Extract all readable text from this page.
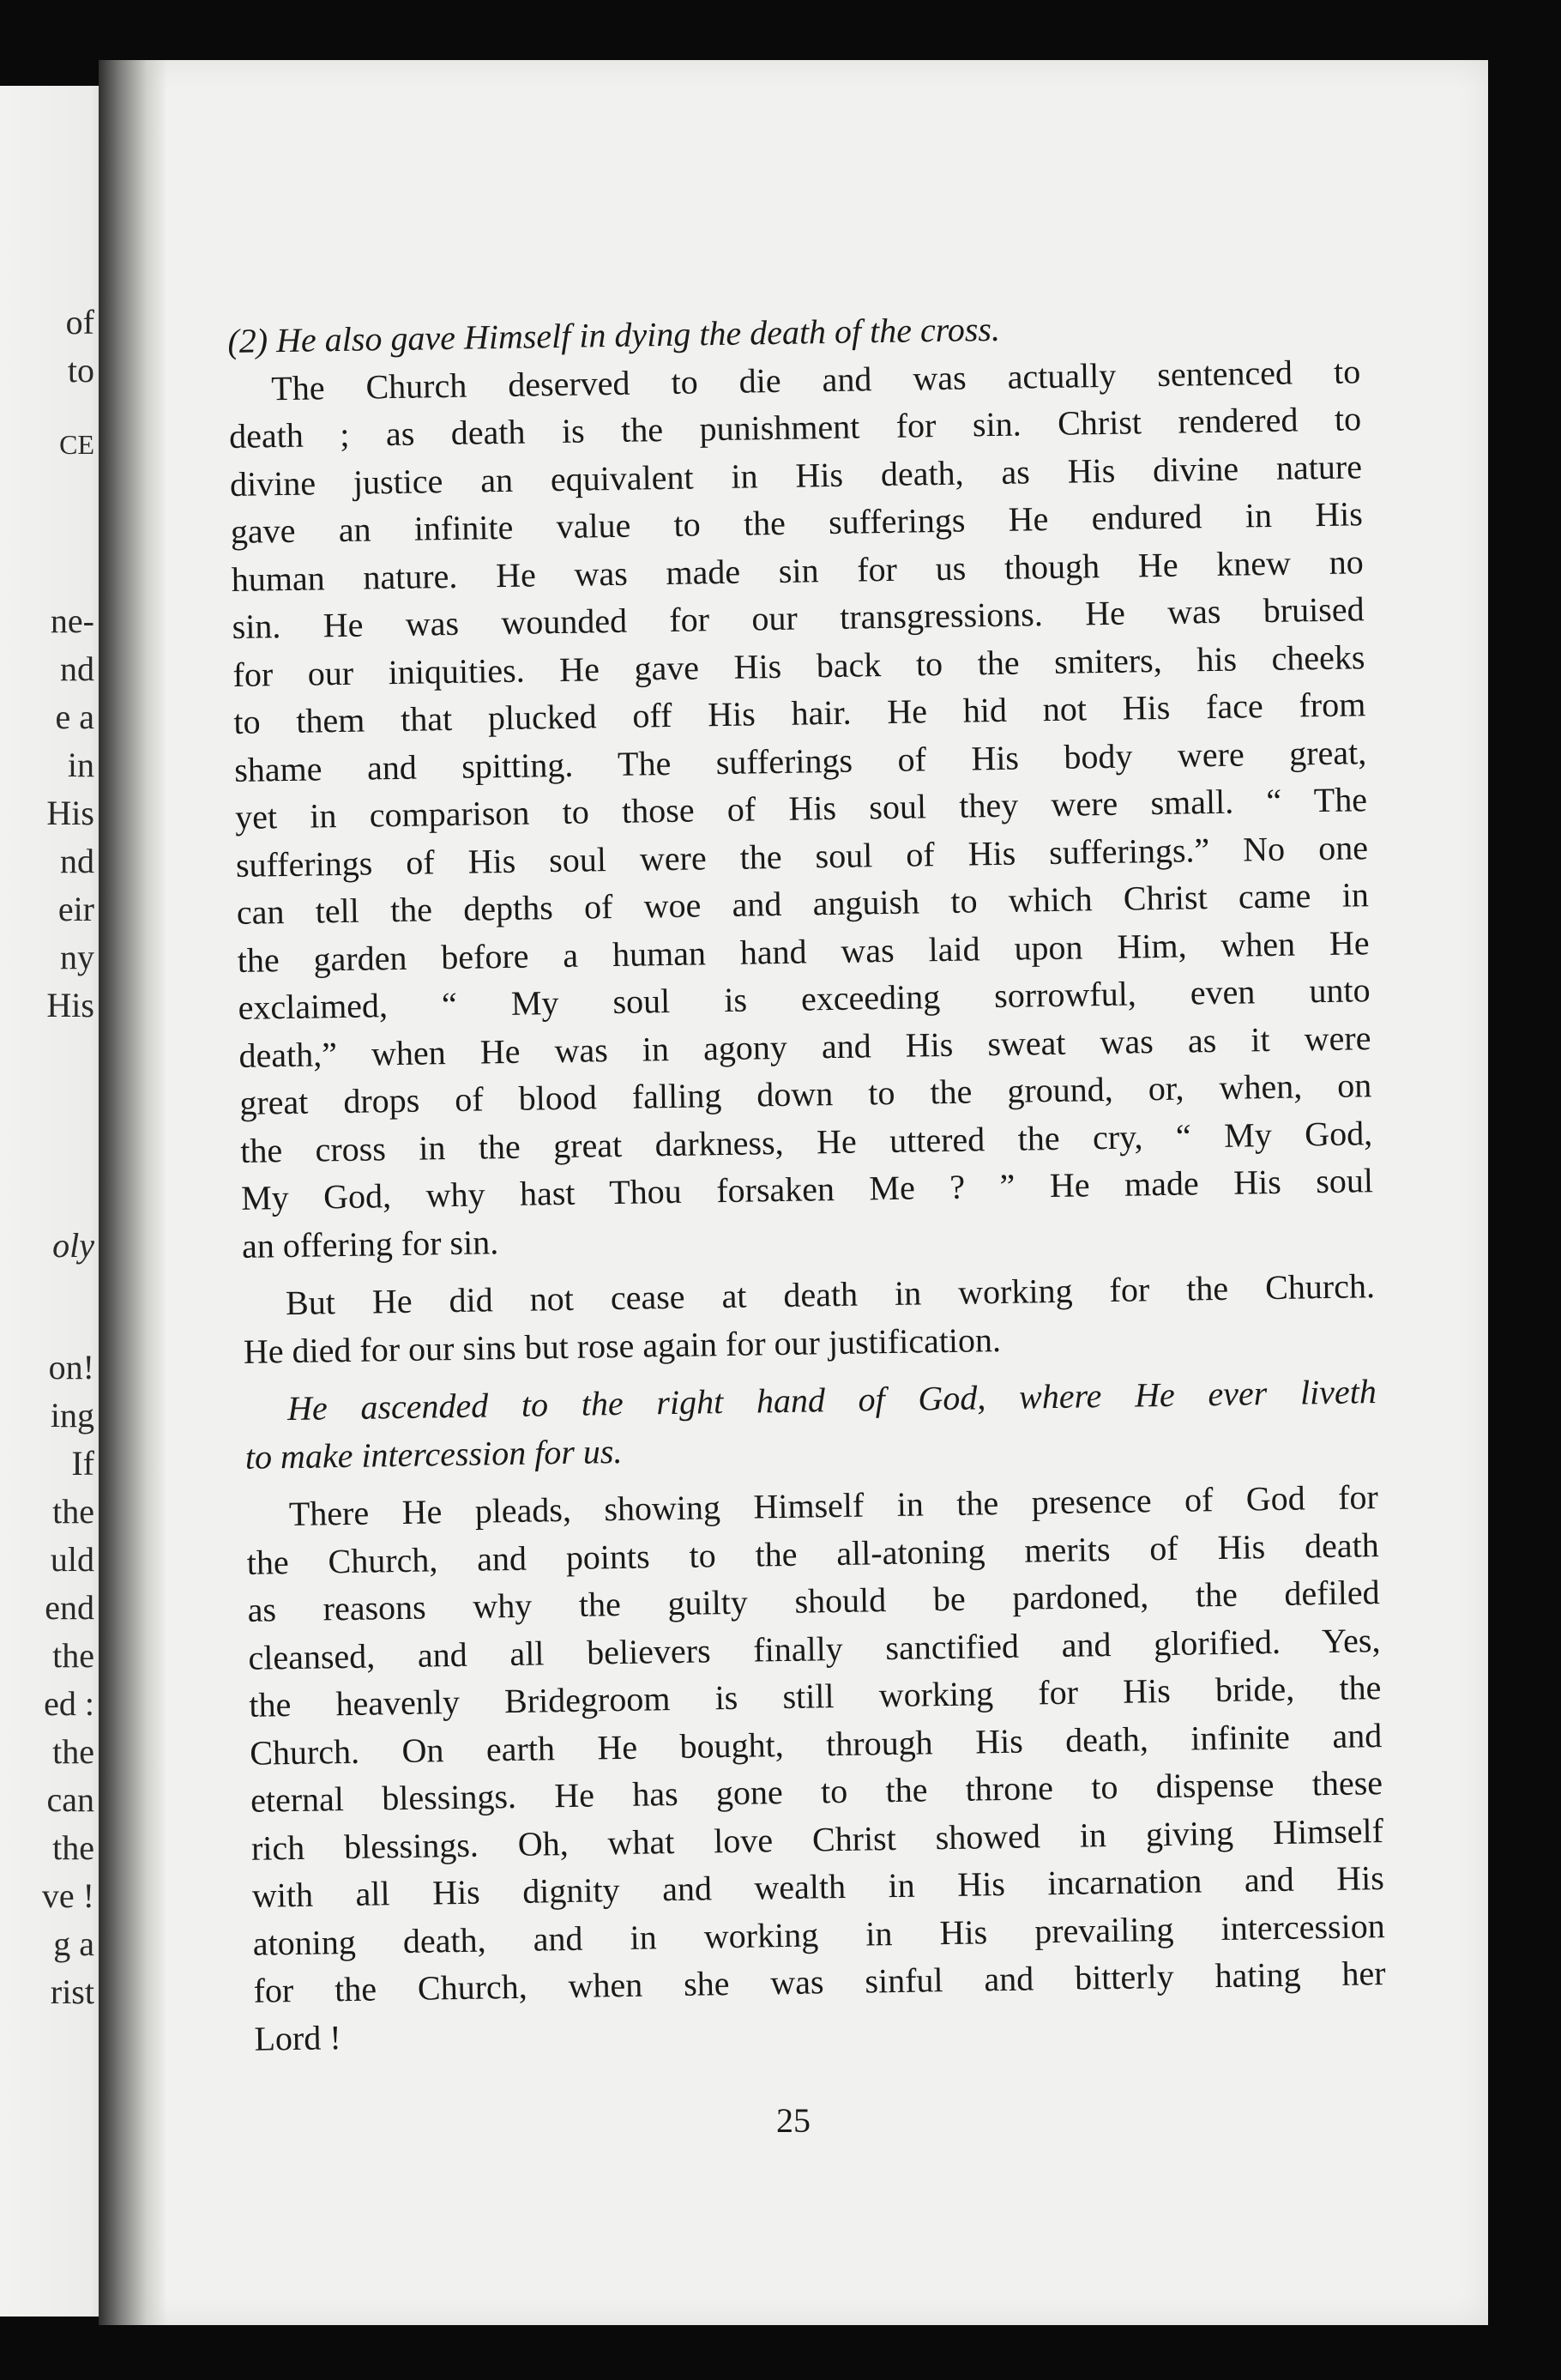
of
to
CE
ne-
nd
e a
in
His
nd
eir
ny
His
oly
on!
ing
If
the
uld
end
the
ed :
the
can
the
ve !
g a
rist
(2) He also gave Himself in dying the death of the cross.
The Church deserved to die and was actually sentenced to
death ; as death is the punishment for sin. Christ rendered to
divine justice an equivalent in His death, as His divine nature
gave an infinite value to the sufferings He endured in His
human nature. He was made sin for us though He knew no
sin. He was wounded for our transgressions. He was bruised
for our iniquities. He gave His back to the smiters, his cheeks
to them that plucked off His hair. He hid not His face from
shame and spitting. The sufferings of His body were great,
yet in comparison to those of His soul they were small. “ The
sufferings of His soul were the soul of His sufferings.” No one
can tell the depths of woe and anguish to which Christ came in
the garden before a human hand was laid upon Him, when He
exclaimed, “ My soul is exceeding sorrowful, even unto
death,” when He was in agony and His sweat was as it were
great drops of blood falling down to the ground, or, when, on
the cross in the great darkness, He uttered the cry, “ My God,
My God, why hast Thou forsaken Me ? ” He made His soul
an offering for sin.
But He did not cease at death in working for the Church.
He died for our sins but rose again for our justification.
He ascended to the right hand of God, where He ever liveth
to make intercession for us.
There He pleads, showing Himself in the presence of God for
the Church, and points to the all-atoning merits of His death
as reasons why the guilty should be pardoned, the defiled
cleansed, and all believers finally sanctified and glorified. Yes,
the heavenly Bridegroom is still working for His bride, the
Church. On earth He bought, through His death, infinite and
eternal blessings. He has gone to the throne to dispense these
rich blessings. Oh, what love Christ showed in giving Himself
with all His dignity and wealth in His incarnation and His
atoning death, and in working in His prevailing intercession
for the Church, when she was sinful and bitterly hating her
Lord !
25
